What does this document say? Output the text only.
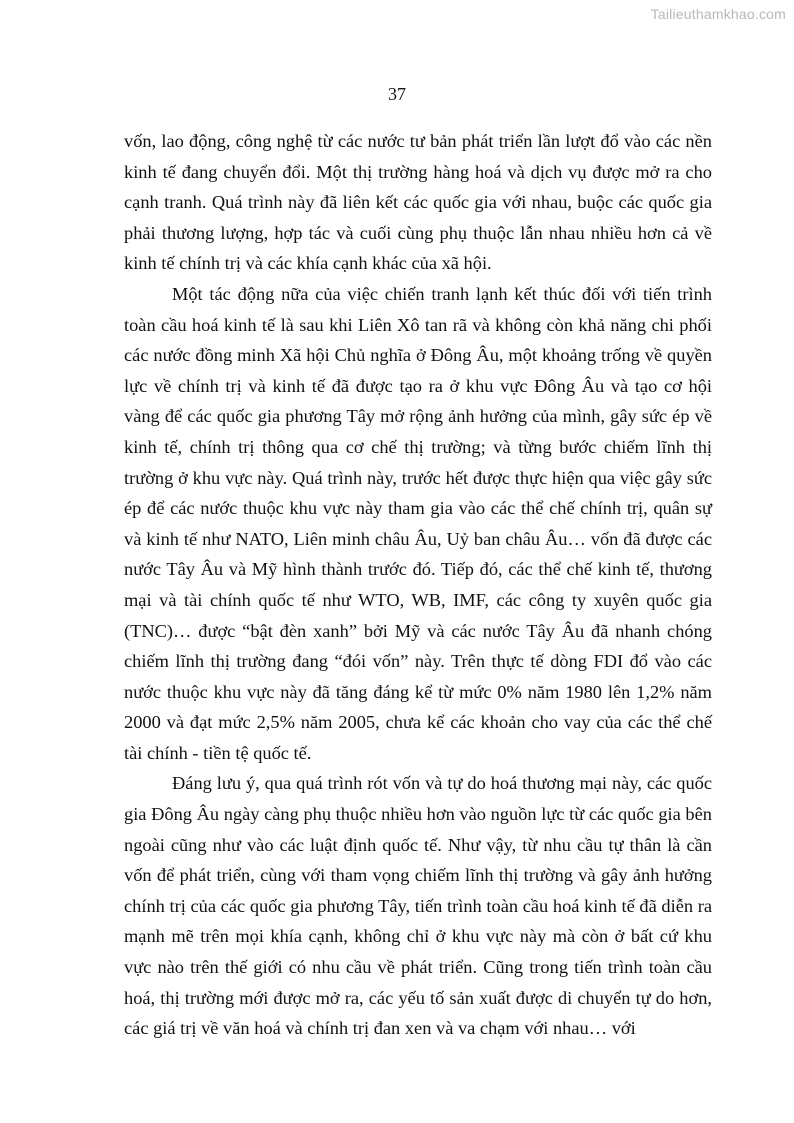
Tailieuthamkhao.com
37

vốn, lao động, công nghệ từ các nước tư bản phát triển lần lượt đổ vào các nền kinh tế đang chuyển đổi. Một thị trường hàng hoá và dịch vụ được mở ra cho cạnh tranh. Quá trình này đã liên kết các quốc gia với nhau, buộc các quốc gia phải thương lượng, hợp tác và cuối cùng phụ thuộc lẫn nhau nhiều hơn cả về kinh tế chính trị và các khía cạnh khác của xã hội.

Một tác động nữa của việc chiến tranh lạnh kết thúc đối với tiến trình toàn cầu hoá kinh tế là sau khi Liên Xô tan rã và không còn khả năng chi phối các nước đồng minh Xã hội Chủ nghĩa ở Đông Âu, một khoảng trống về quyền lực về chính trị và kinh tế đã được tạo ra ở khu vực Đông Âu và tạo cơ hội vàng để các quốc gia phương Tây mở rộng ảnh hưởng của mình, gây sức ép về kinh tế, chính trị thông qua cơ chế thị trường; và từng bước chiếm lĩnh thị trường ở khu vực này. Quá trình này, trước hết được thực hiện qua việc gây sức ép để các nước thuộc khu vực này tham gia vào các thể chế chính trị, quân sự và kinh tế như NATO, Liên minh châu Âu, Uỷ ban châu Âu… vốn đã được các nước Tây Âu và Mỹ hình thành trước đó. Tiếp đó, các thể chế kinh tế, thương mại và tài chính quốc tế như WTO, WB, IMF, các công ty xuyên quốc gia (TNC)… được “bật đèn xanh” bởi Mỹ và các nước Tây Âu đã nhanh chóng chiếm lĩnh thị trường đang “đói vốn” này. Trên thực tế dòng FDI đổ vào các nước thuộc khu vực này đã tăng đáng kể từ mức 0% năm 1980 lên 1,2% năm 2000 và đạt mức 2,5% năm 2005, chưa kể các khoản cho vay của các thể chế tài chính - tiền tệ quốc tế.

Đáng lưu ý, qua quá trình rót vốn và tự do hoá thương mại này, các quốc gia Đông Âu ngày càng phụ thuộc nhiều hơn vào nguồn lực từ các quốc gia bên ngoài cũng như vào các luật định quốc tế. Như vậy, từ nhu cầu tự thân là cần vốn để phát triển, cùng với tham vọng chiếm lĩnh thị trường và gây ảnh hưởng chính trị của các quốc gia phương Tây, tiến trình toàn cầu hoá kinh tế đã diễn ra mạnh mẽ trên mọi khía cạnh, không chỉ ở khu vực này mà còn ở bất cứ khu vực nào trên thế giới có nhu cầu về phát triển. Cũng trong tiến trình toàn cầu hoá, thị trường mới được mở ra, các yếu tố sản xuất được di chuyển tự do hơn, các giá trị về văn hoá và chính trị đan xen và va chạm với nhau… với
